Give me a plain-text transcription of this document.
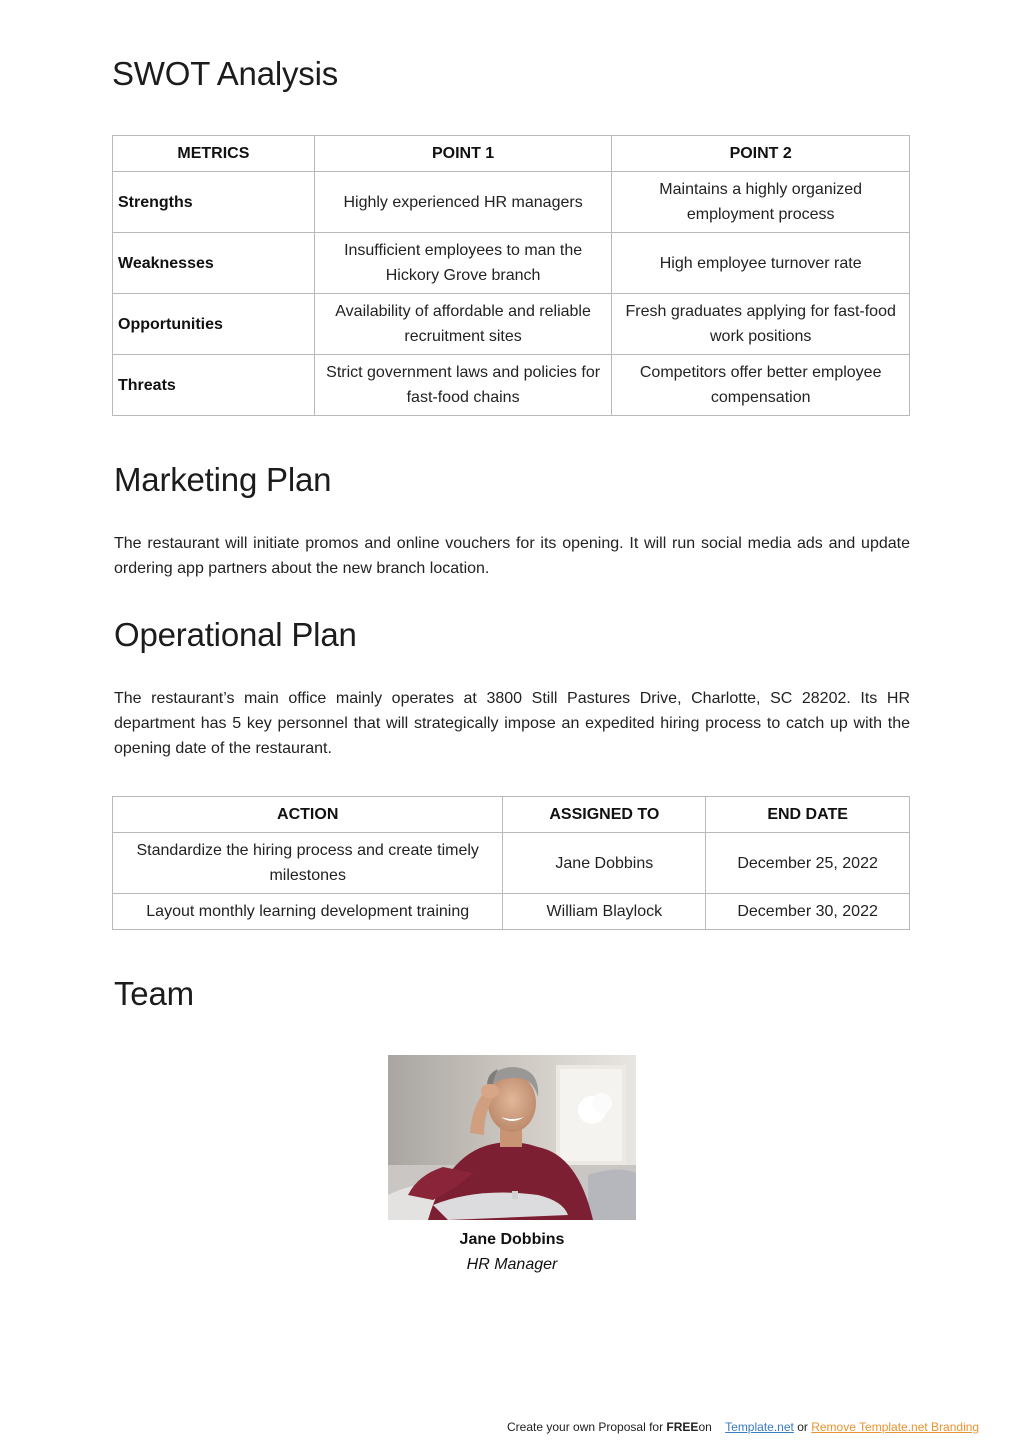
SWOT Analysis
METRICS	POINT 1	POINT 2
Strengths	Highly experienced HR managers	Maintains a highly organized employment process
Weaknesses	Insufficient employees to man the Hickory Grove branch	High employee turnover rate
Opportunities	Availability of affordable and reliable recruitment sites	Fresh graduates applying for fast-food work positions
Threats	Strict government laws and policies for fast-food chains	Competitors offer better employee compensation
Marketing Plan

The restaurant will initiate promos and online vouchers for its opening. It will run social media ads and update ordering app partners about the new branch location.

Operational Plan

The restaurant’s main office mainly operates at 3800 Still Pastures Drive, Charlotte, SC 28202. Its HR department has 5 key personnel that will strategically impose an expedited hiring process to catch up with the opening date of the restaurant.

ACTION	ASSIGNED TO	END DATE
Standardize the hiring process and create timely milestones	Jane Dobbins	December 25, 2022
Layout monthly learning development training	William Blaylock	December 30, 2022
Team
Jane Dobbins
HR Manager
Create your own Proposal for FREEon Template.net or Remove Template.net Branding
